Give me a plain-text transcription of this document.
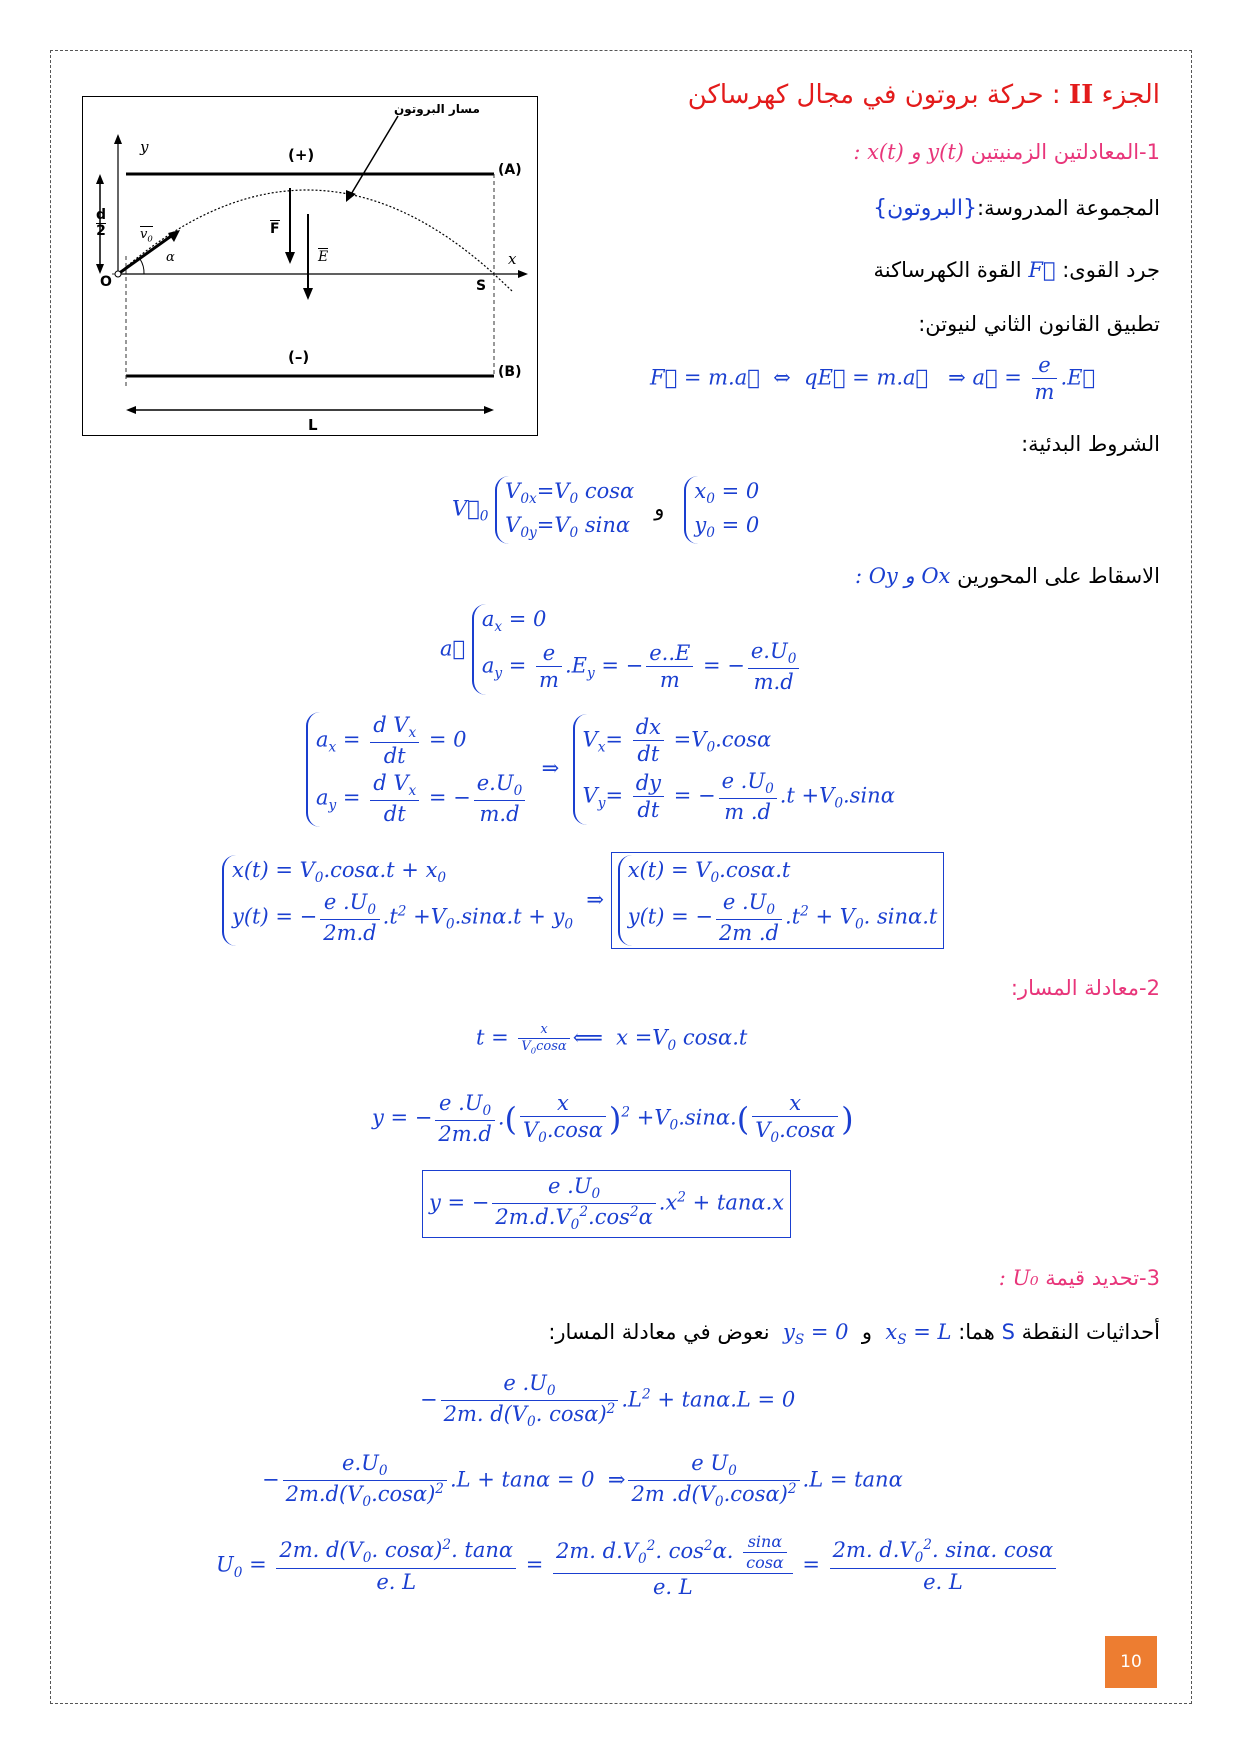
مسار البروتون
(+)
(–)
(A)
(B)
y
x
O	S
d
2
L
F
E
$v_0$
α
الجزء II : حركة بروتون في مجال كهرساكن
1-المعادلتين الزمنيتين y(t) و x(t) :
المجموعة المدروسة:{البروتون}
جرد القوى: F⃗ القوة الكهرساكنة
تطبيق القانون الثاني لنيوتن:
F⃗ = m.a⃗  ⇔  qE⃗ = m.a⃗   ⇒ a⃗ = $\frac{e}{m}$ .E⃗
الشروط البدئية:
$V⃗_0$
$V_{0x}=V_0$ cosα
$V_{0y}=V_0$ sinα
و
$x_0 = 0$
$y_0 = 0$
الاسقاط على المحورين Ox و Oy :
a⃗
$a_x = 0$
$a_y = \frac{e}{m} .E_y$ = − $\frac{e..E}{m}$ = − $\frac{e.U_0}{m.d}$
$a_x = \frac{d V_x}{dt} = 0$
$a_y = \frac{d V_x}{dt}$ = − $\frac{e.U_0}{m.d}$
⇒
$V_x= \frac{dx}{dt} =V_0.\cos\alpha$
$V_y= \frac{dy}{dt}$ = − $\frac{e .U_0}{m .d} .t +V_0.\sin\alpha$
$x(t) = V_0.\cos\alpha.t + x_0$
y(t) = − $\frac{e .U_0}{2m.d} .t^2 +V_0.\sin\alpha.t + y_0$
⇒
$x(t) = V_0.\cos\alpha.t$
y(t) = − $\frac{e .U_0}{2m .d} .t^2 + V_0$. sinα.t
2-معادلة المسار:
$t = \frac{x}{V_0\cos\alpha}$ ⟸  $x =V_0$ cosα.t
y = − $\frac{e .U_0}{2m.d}$ .( $\frac{x}{V_0.\cos\alpha} )^2 +V_0.\sin\alpha.( \frac{x}{V_0.\cos\alpha}$ )
y = − $\frac{e .U_0}{2m.d.V_0^2.\cos^2\alpha} .x^2 + \tan\alpha.x$
3-تحديد قيمة U₀ :
أحداثيات النقطة S هما: $x_S = L$  و  $y_S = 0$  نعوض في معادلة المسار:
− $\frac{e .U_0}{2m. d(V_0. \cos\alpha)^2} .L^2 + \tan\alpha.L = 0$
− $\frac{e.U_0}{2m.d(V_0.\cos\alpha)^2} .L + \tan\alpha = 0$  ⇒ $\frac{e U_0}{2m .d(V_0.\cos\alpha)^2} .L = \tan\alpha$
$U_0 = \frac{2m. d(V_0. \cos\alpha)^2. \tan\alpha}{e. L} = \frac{2m. d.V_0^2. \cos^2\alpha. \frac{\sin\alpha}{\cos\alpha}}{e. L} = \frac{2m. d.V_0^2. \sin\alpha. \cos\alpha}{e. L}$
10
